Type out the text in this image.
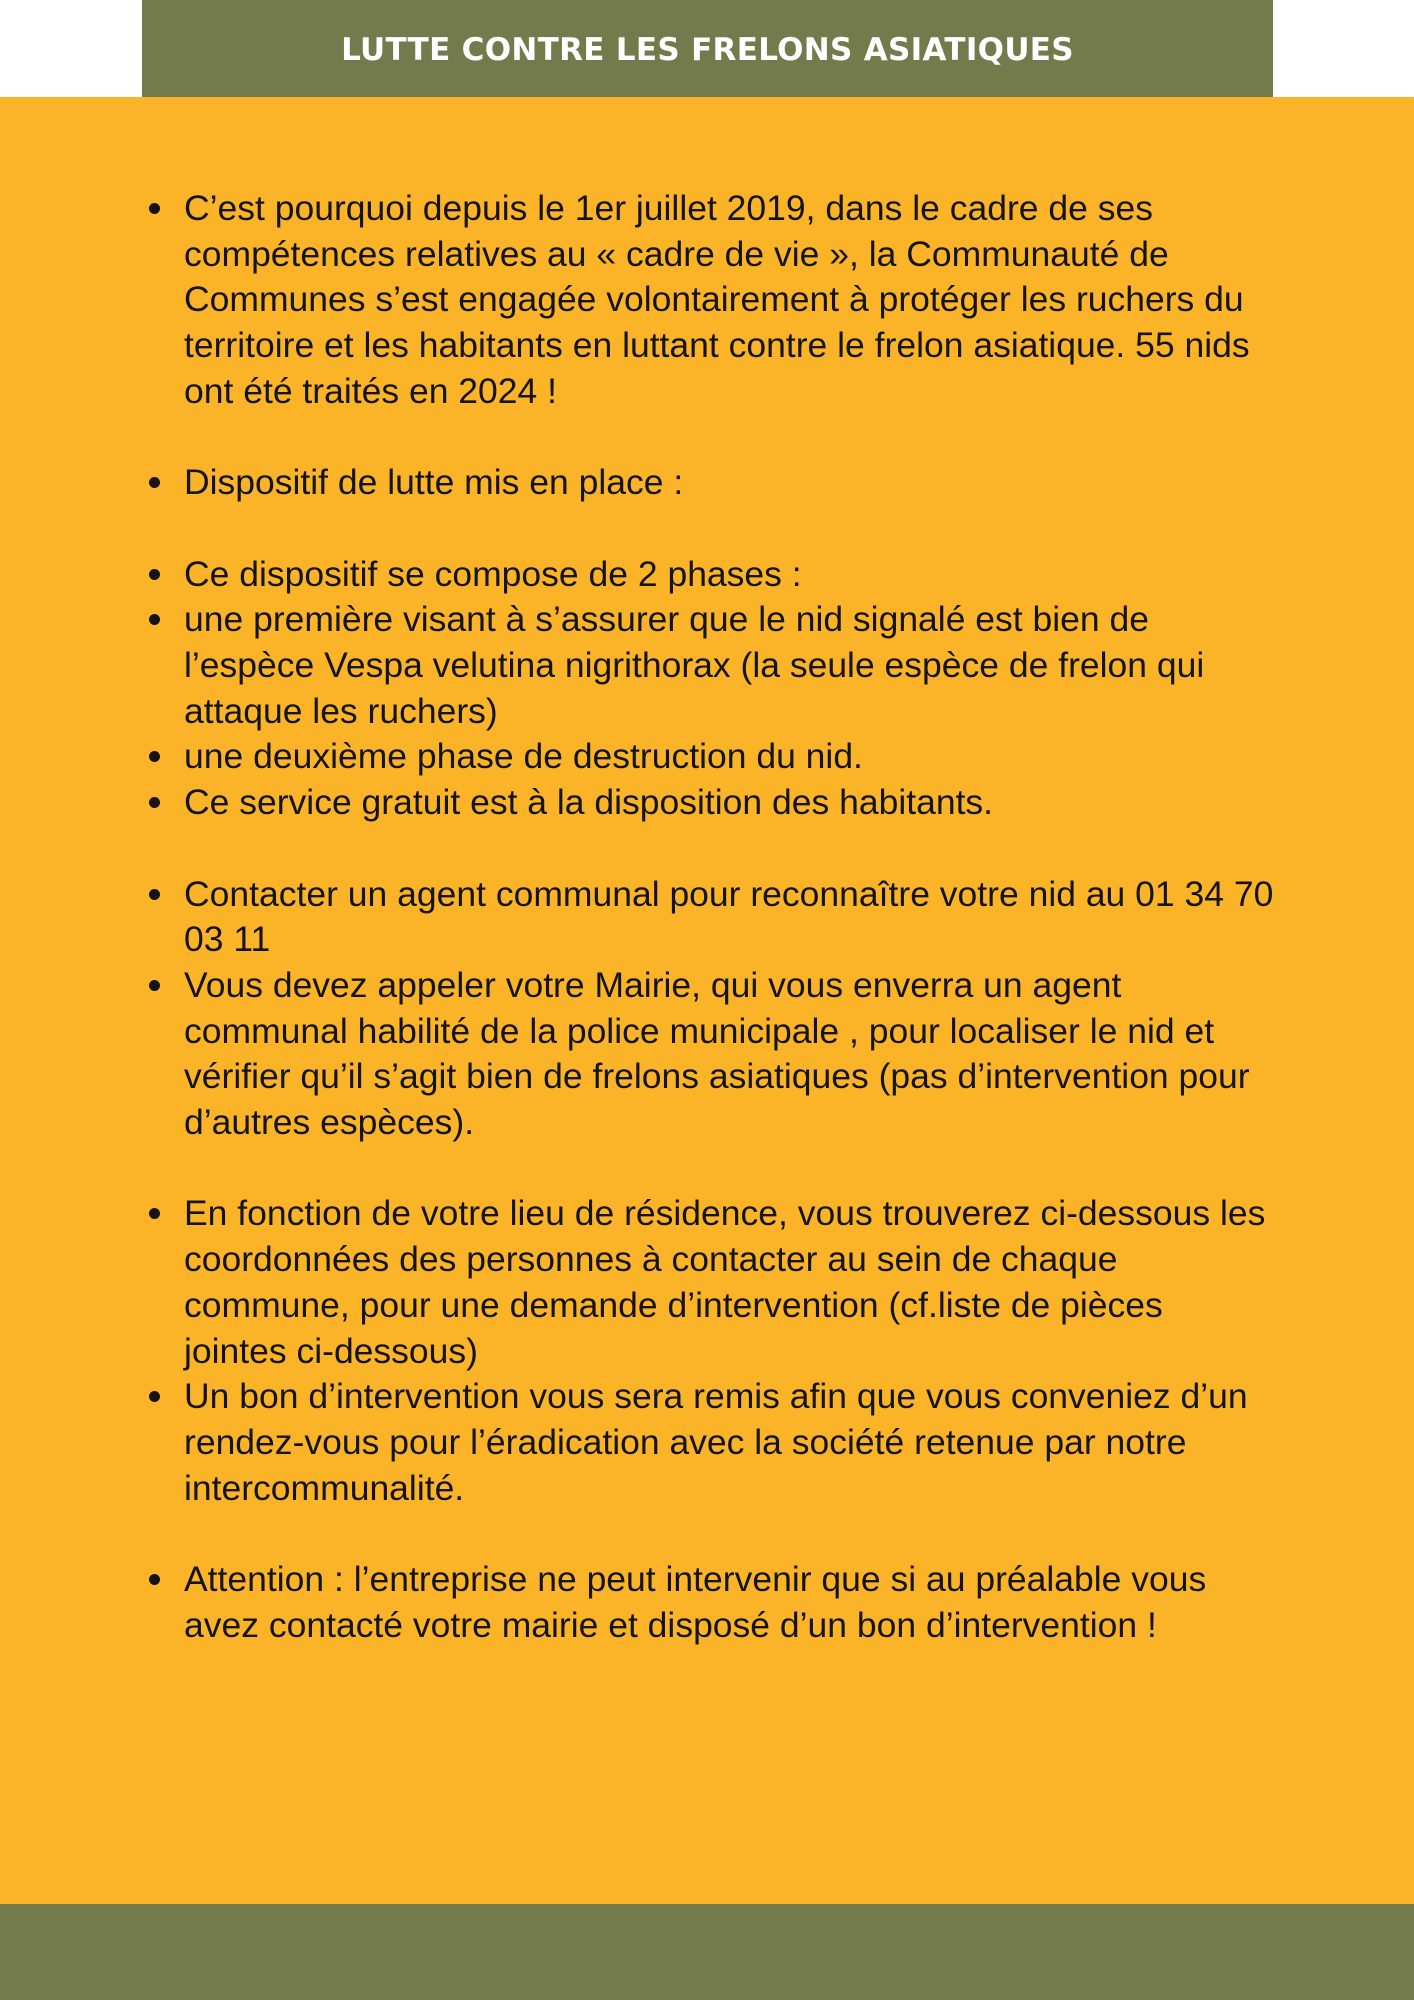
LUTTE CONTRE LES FRELONS ASIATIQUES
C’est pourquoi depuis le 1er juillet 2019, dans le cadre de ses compétences relatives au « cadre de vie », la Communauté de Communes s’est engagée volontairement à protéger les ruchers du territoire et les habitants en luttant contre le frelon asiatique. 55 nids ont été traités en 2024 !
Dispositif de lutte mis en place :
Ce dispositif se compose de 2 phases :
une première visant à s’assurer que le nid signalé est bien de l’espèce Vespa velutina nigrithorax (la seule espèce de frelon qui attaque les ruchers)
une deuxième phase de destruction du nid.
Ce service gratuit est à la disposition des habitants.
Contacter un agent communal pour reconnaître votre nid au 01 34 70 03 11
Vous devez appeler votre Mairie, qui vous enverra un agent communal habilité de la police municipale , pour localiser le nid et vérifier qu’il s’agit bien de frelons asiatiques (pas d’intervention pour d’autres espèces).
En fonction de votre lieu de résidence, vous trouverez ci-dessous les coordonnées des personnes à contacter au sein de chaque commune, pour une demande d’intervention (cf.liste de pièces jointes ci-dessous)
Un bon d’intervention vous sera remis afin que vous conveniez d’un rendez-vous pour l’éradication avec la société retenue par notre intercommunalité.
Attention : l’entreprise ne peut intervenir que si au préalable vous avez contacté votre mairie et disposé d’un bon d’intervention !
